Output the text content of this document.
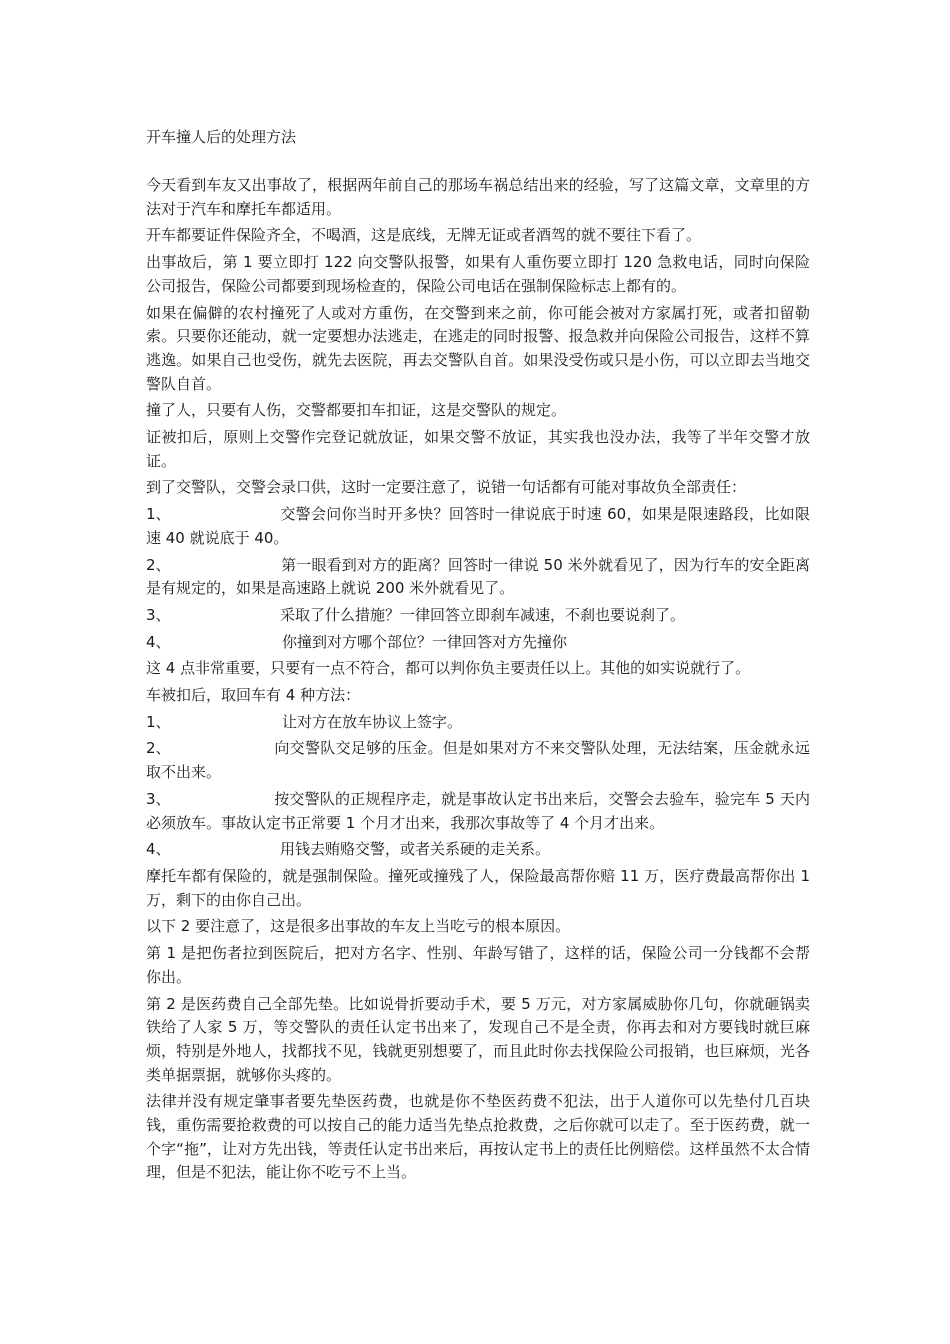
开车撞人后的处理方法

今天看到车友又出事故了，根据两年前自己的那场车祸总结出来的经验，写了这篇文章，文章里的方法对于汽车和摩托车都适用。

开车都要证件保险齐全，不喝酒，这是底线，无牌无证或者酒驾的就不要往下看了。

出事故后，第 1 要立即打 122 向交警队报警，如果有人重伤要立即打 120 急救电话，同时向保险公司报告，保险公司都要到现场检查的，保险公司电话在强制保险标志上都有的。

如果在偏僻的农村撞死了人或对方重伤，在交警到来之前，你可能会被对方家属打死，或者扣留勒索。只要你还能动，就一定要想办法逃走，在逃走的同时报警、报急救并向保险公司报告，这样不算逃逸。如果自己也受伤，就先去医院，再去交警队自首。如果没受伤或只是小伤，可以立即去当地交警队自首。

撞了人，只要有人伤，交警都要扣车扣证，这是交警队的规定。

证被扣后，原则上交警作完登记就放证，如果交警不放证，其实我也没办法，我等了半年交警才放证。

到了交警队，交警会录口供，这时一定要注意了，说错一句话都有可能对事故负全部责任：

1、	交警会问你当时开多快？回答时一律说底于时速 60，如果是限速路段，比如限速 40 就说底于 40。

2、	第一眼看到对方的距离？回答时一律说 50 米外就看见了，因为行车的安全距离是有规定的，如果是高速路上就说 200 米外就看见了。

3、	采取了什么措施？一律回答立即刹车减速，不刹也要说刹了。

4、	你撞到对方哪个部位？一律回答对方先撞你

这 4 点非常重要，只要有一点不符合，都可以判你负主要责任以上。其他的如实说就行了。

车被扣后，取回车有 4 种方法：

1、	让对方在放车协议上签字。

2、	向交警队交足够的压金。但是如果对方不来交警队处理，无法结案，压金就永远取不出来。

3、	按交警队的正规程序走，就是事故认定书出来后，交警会去验车，验完车 5 天内必须放车。事故认定书正常要 1 个月才出来，我那次事故等了 4 个月才出来。

4、	用钱去贿赂交警，或者关系硬的走关系。

摩托车都有保险的，就是强制保险。撞死或撞残了人，保险最高帮你赔 11 万，医疗费最高帮你出 1 万，剩下的由你自己出。

以下 2 要注意了，这是很多出事故的车友上当吃亏的根本原因。

第 1 是把伤者拉到医院后，把对方名字、性别、年龄写错了，这样的话，保险公司一分钱都不会帮你出。

第 2 是医药费自己全部先垫。比如说骨折要动手术，要 5 万元，对方家属威胁你几句，你就砸锅卖铁给了人家 5 万，等交警队的责任认定书出来了，发现自己不是全责，你再去和对方要钱时就巨麻烦，特别是外地人，找都找不见，钱就更别想要了，而且此时你去找保险公司报销，也巨麻烦，光各类单据票据，就够你头疼的。

法律并没有规定肇事者要先垫医药费，也就是你不垫医药费不犯法，出于人道你可以先垫付几百块钱，重伤需要抢救费的可以按自己的能力适当先垫点抢救费，之后你就可以走了。至于医药费，就一个字“拖”，让对方先出钱，等责任认定书出来后，再按认定书上的责任比例赔偿。这样虽然不太合情理，但是不犯法，能让你不吃亏不上当。
